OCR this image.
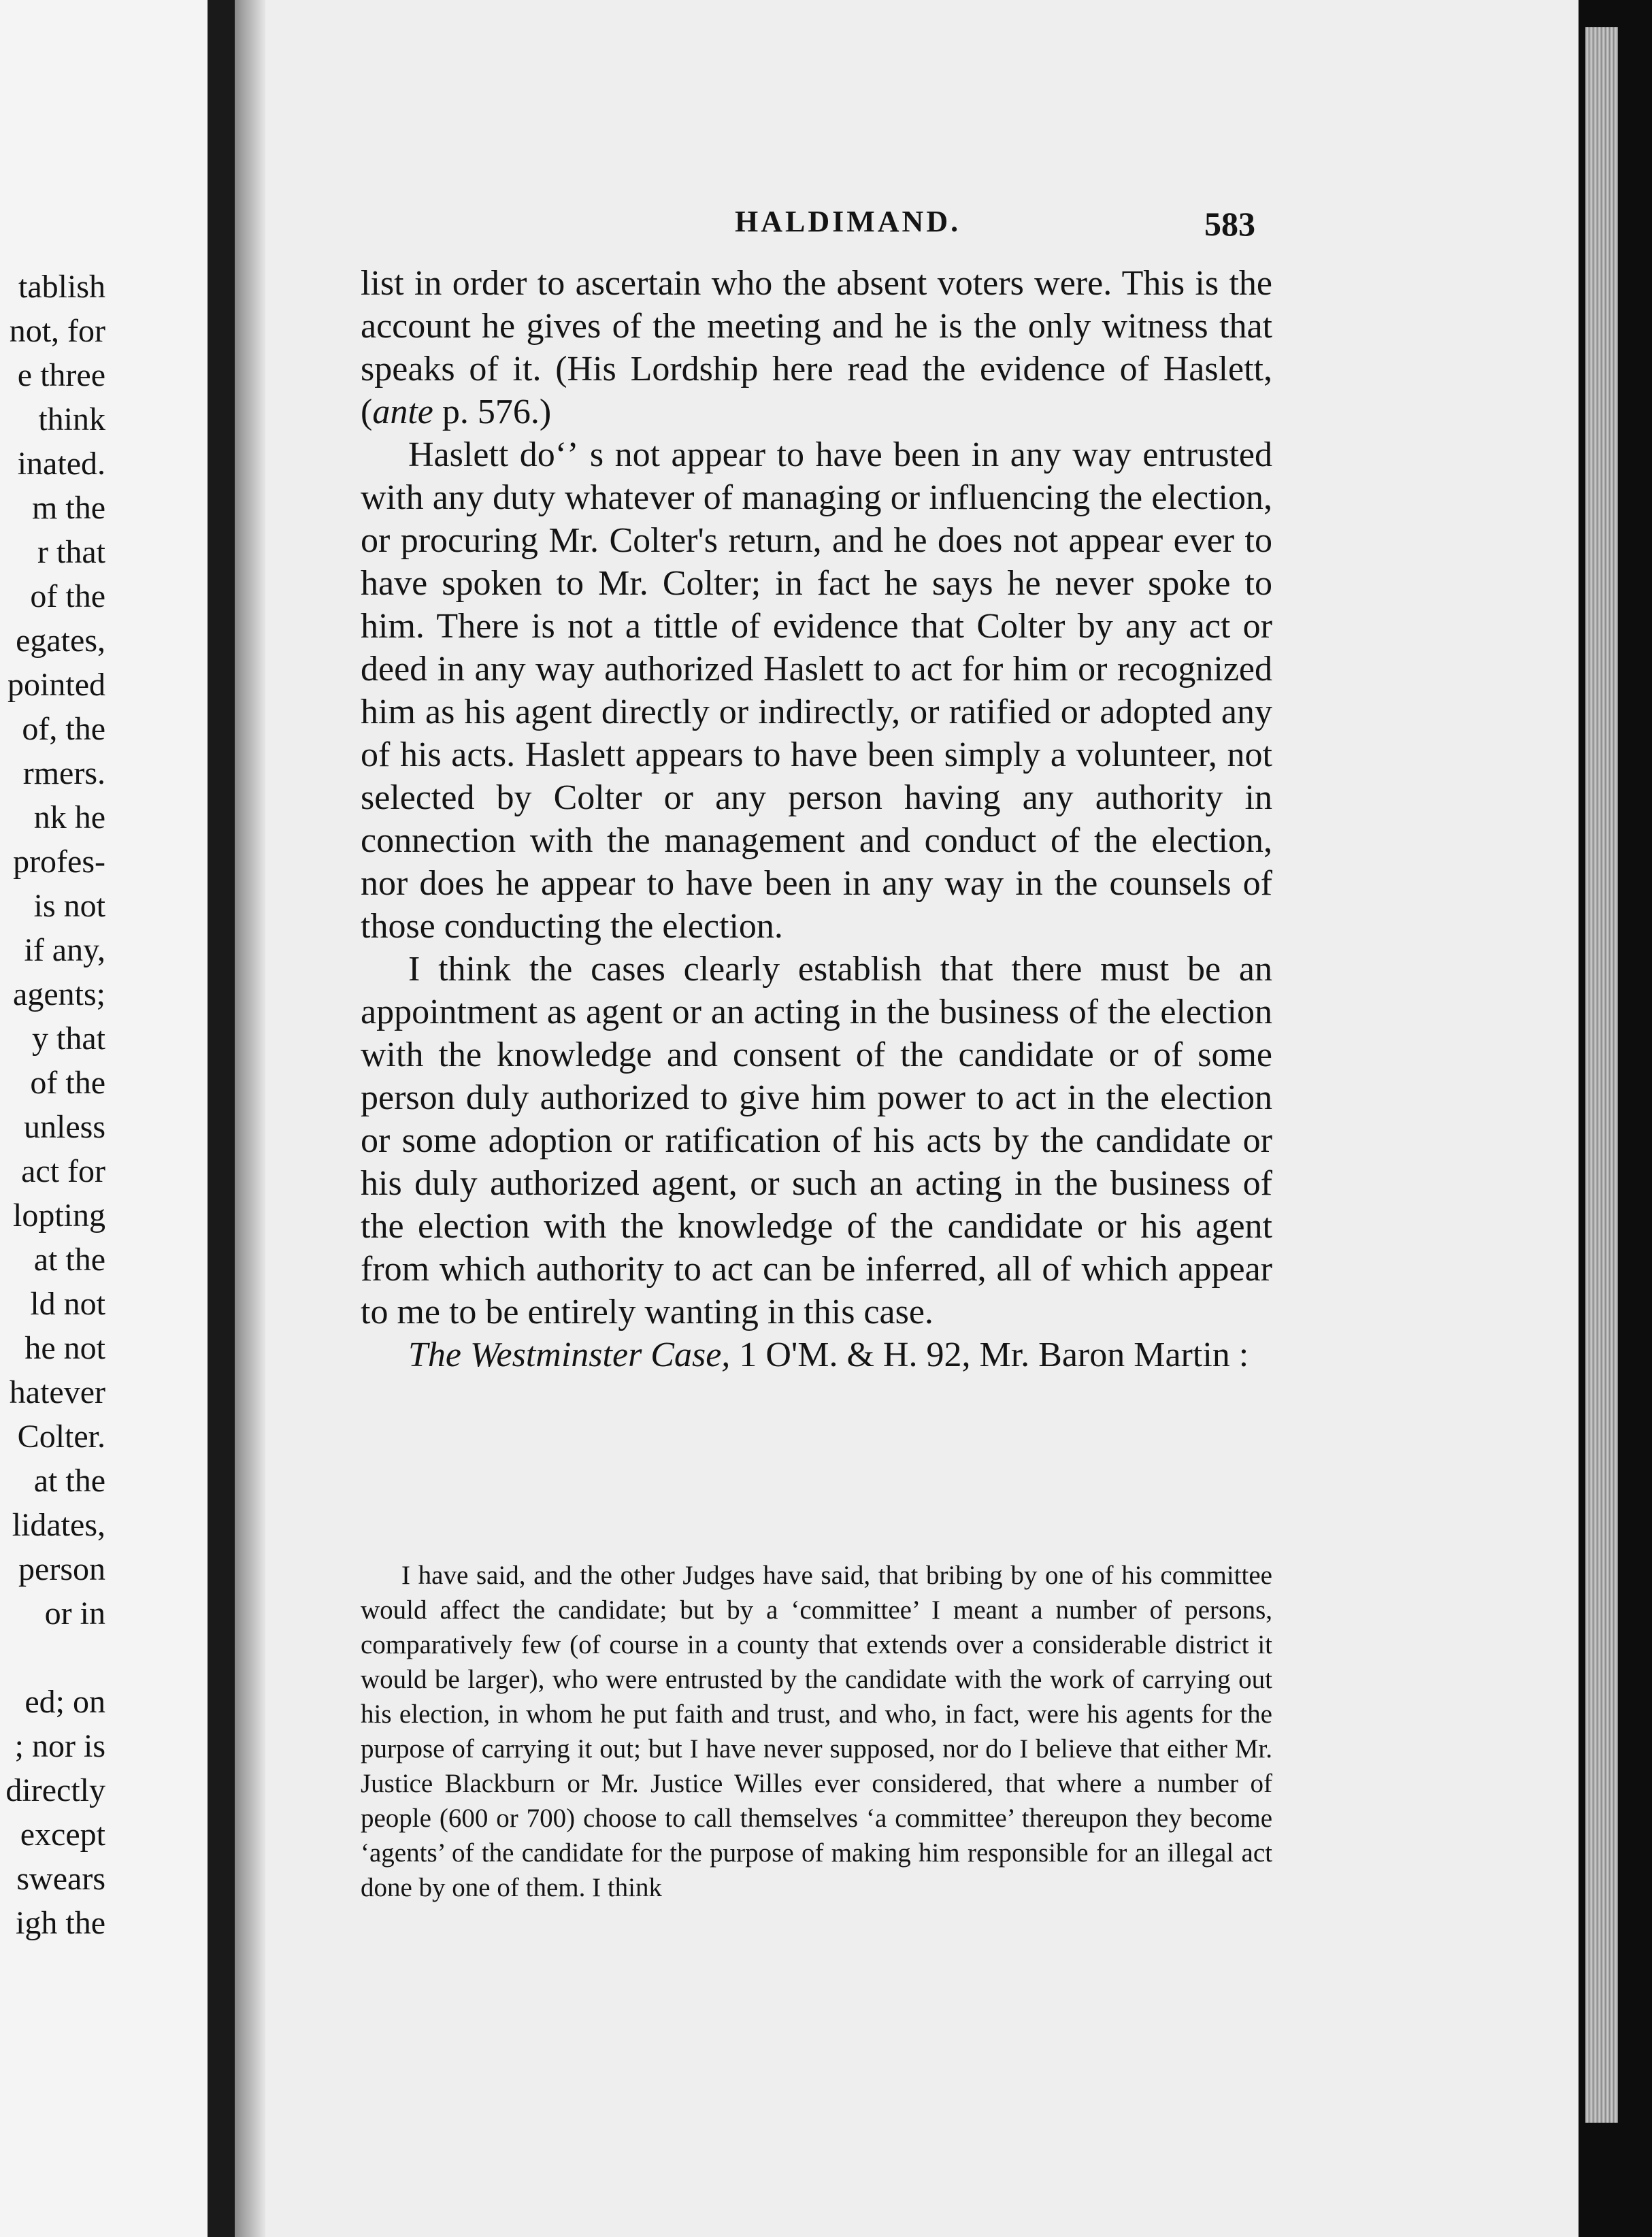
tablish
not, for
e three
think
inated.
m the
r that
of the
egates,
pointed
of, the
rmers.
nk he
profes-
is not
if any,
agents;
y that
of the
unless
act for
lopting
at the
ld not
he not
hatever
Colter.
at the
lidates,
person
or in
ed; on
; nor is
directly
except
swears
igh the
HALDIMAND.	583

list in order to ascertain who the absent voters were. This is the account he gives of the meeting and he is the only witness that speaks of it. (His Lordship here read the evidence of Haslett, (ante p. 576.)

Haslett doʻʼ s not appear to have been in any way entrusted with any duty whatever of managing or influencing the election, or procuring Mr. Colter's return, and he does not appear ever to have spoken to Mr. Colter; in fact he says he never spoke to him. There is not a tittle of evidence that Colter by any act or deed in any way authorized Haslett to act for him or recognized him as his agent directly or indirectly, or ratified or adopted any of his acts. Haslett appears to have been simply a volunteer, not selected by Colter or any person having any authority in connection with the management and conduct of the election, nor does he appear to have been in any way in the counsels of those conducting the election.

I think the cases clearly establish that there must be an appointment as agent or an acting in the business of the election with the knowledge and consent of the candidate or of some person duly authorized to give him power to act in the election or some adoption or ratification of his acts by the candidate or his duly authorized agent, or such an acting in the business of the election with the knowledge of the candidate or his agent from which authority to act can be inferred, all of which appear to me to be entirely wanting in this case.

The Westminster Case, 1 O'M. & H. 92, Mr. Baron Martin :

I have said, and the other Judges have said, that bribing by one of his committee would affect the candidate; but by a ‘committee’ I meant a number of persons, comparatively few (of course in a county that extends over a considerable district it would be larger), who were entrusted by the candidate with the work of carrying out his election, in whom he put faith and trust, and who, in fact, were his agents for the purpose of carrying it out; but I have never supposed, nor do I believe that either Mr. Justice Blackburn or Mr. Justice Willes ever considered, that where a number of people (600 or 700) choose to call themselves ‘a committee’ thereupon they become ‘agents’ of the candidate for the purpose of making him responsible for an illegal act done by one of them. I think
